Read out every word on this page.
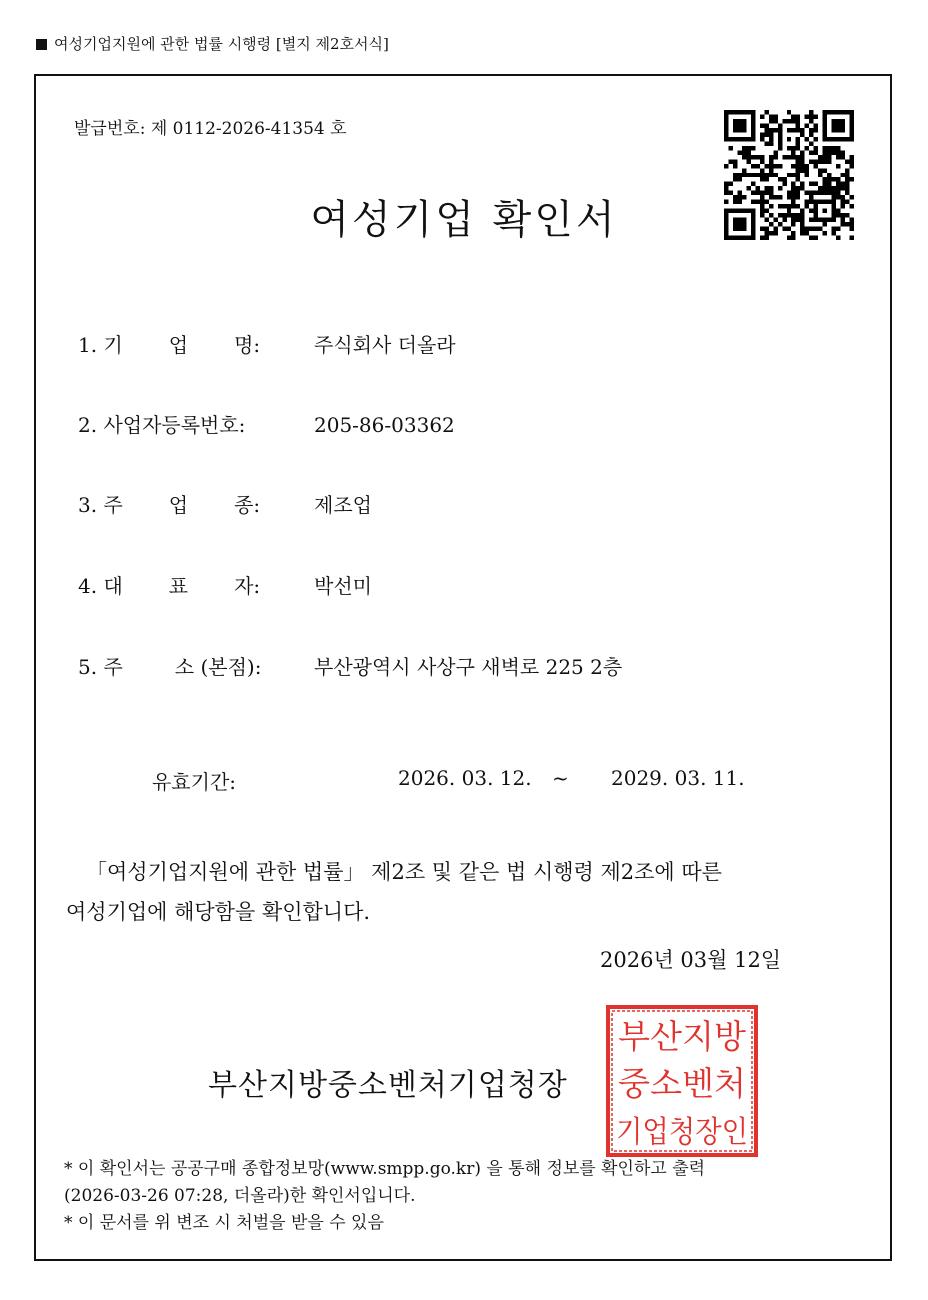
여성기업지원에 관한 법률 시행령 [별지 제2호서식]
발급번호: 제 0112-2026-41354 호
여성기업 확인서
1. 기 업 명:	주식회사 더올라
2. 사업자등록번호:	205-86-03362
3. 주 업 종:	제조업
4. 대 표 자:	박선미
5. 주	소 (본점):	부산광역시 사상구 새벽로 225 2층
유효기간:	2026. 03. 12. ~ 2029. 03. 11.
「여성기업지원에 관한 법률」 제2조 및 같은 법 시행령 제2조에 따른
여성기업에 해당함을 확인합니다.
2026년 03월 12일
부산지방중소벤처기업청장
부산지방
중소벤처
기업청장인
* 이 확인서는 공공구매 종합정보망(www.smpp.go.kr) 을 통해 정보를 확인하고 출력
(2026-03-26 07:28, 더올라)한 확인서입니다.
* 이 문서를 위 변조 시 처벌을 받을 수 있음
